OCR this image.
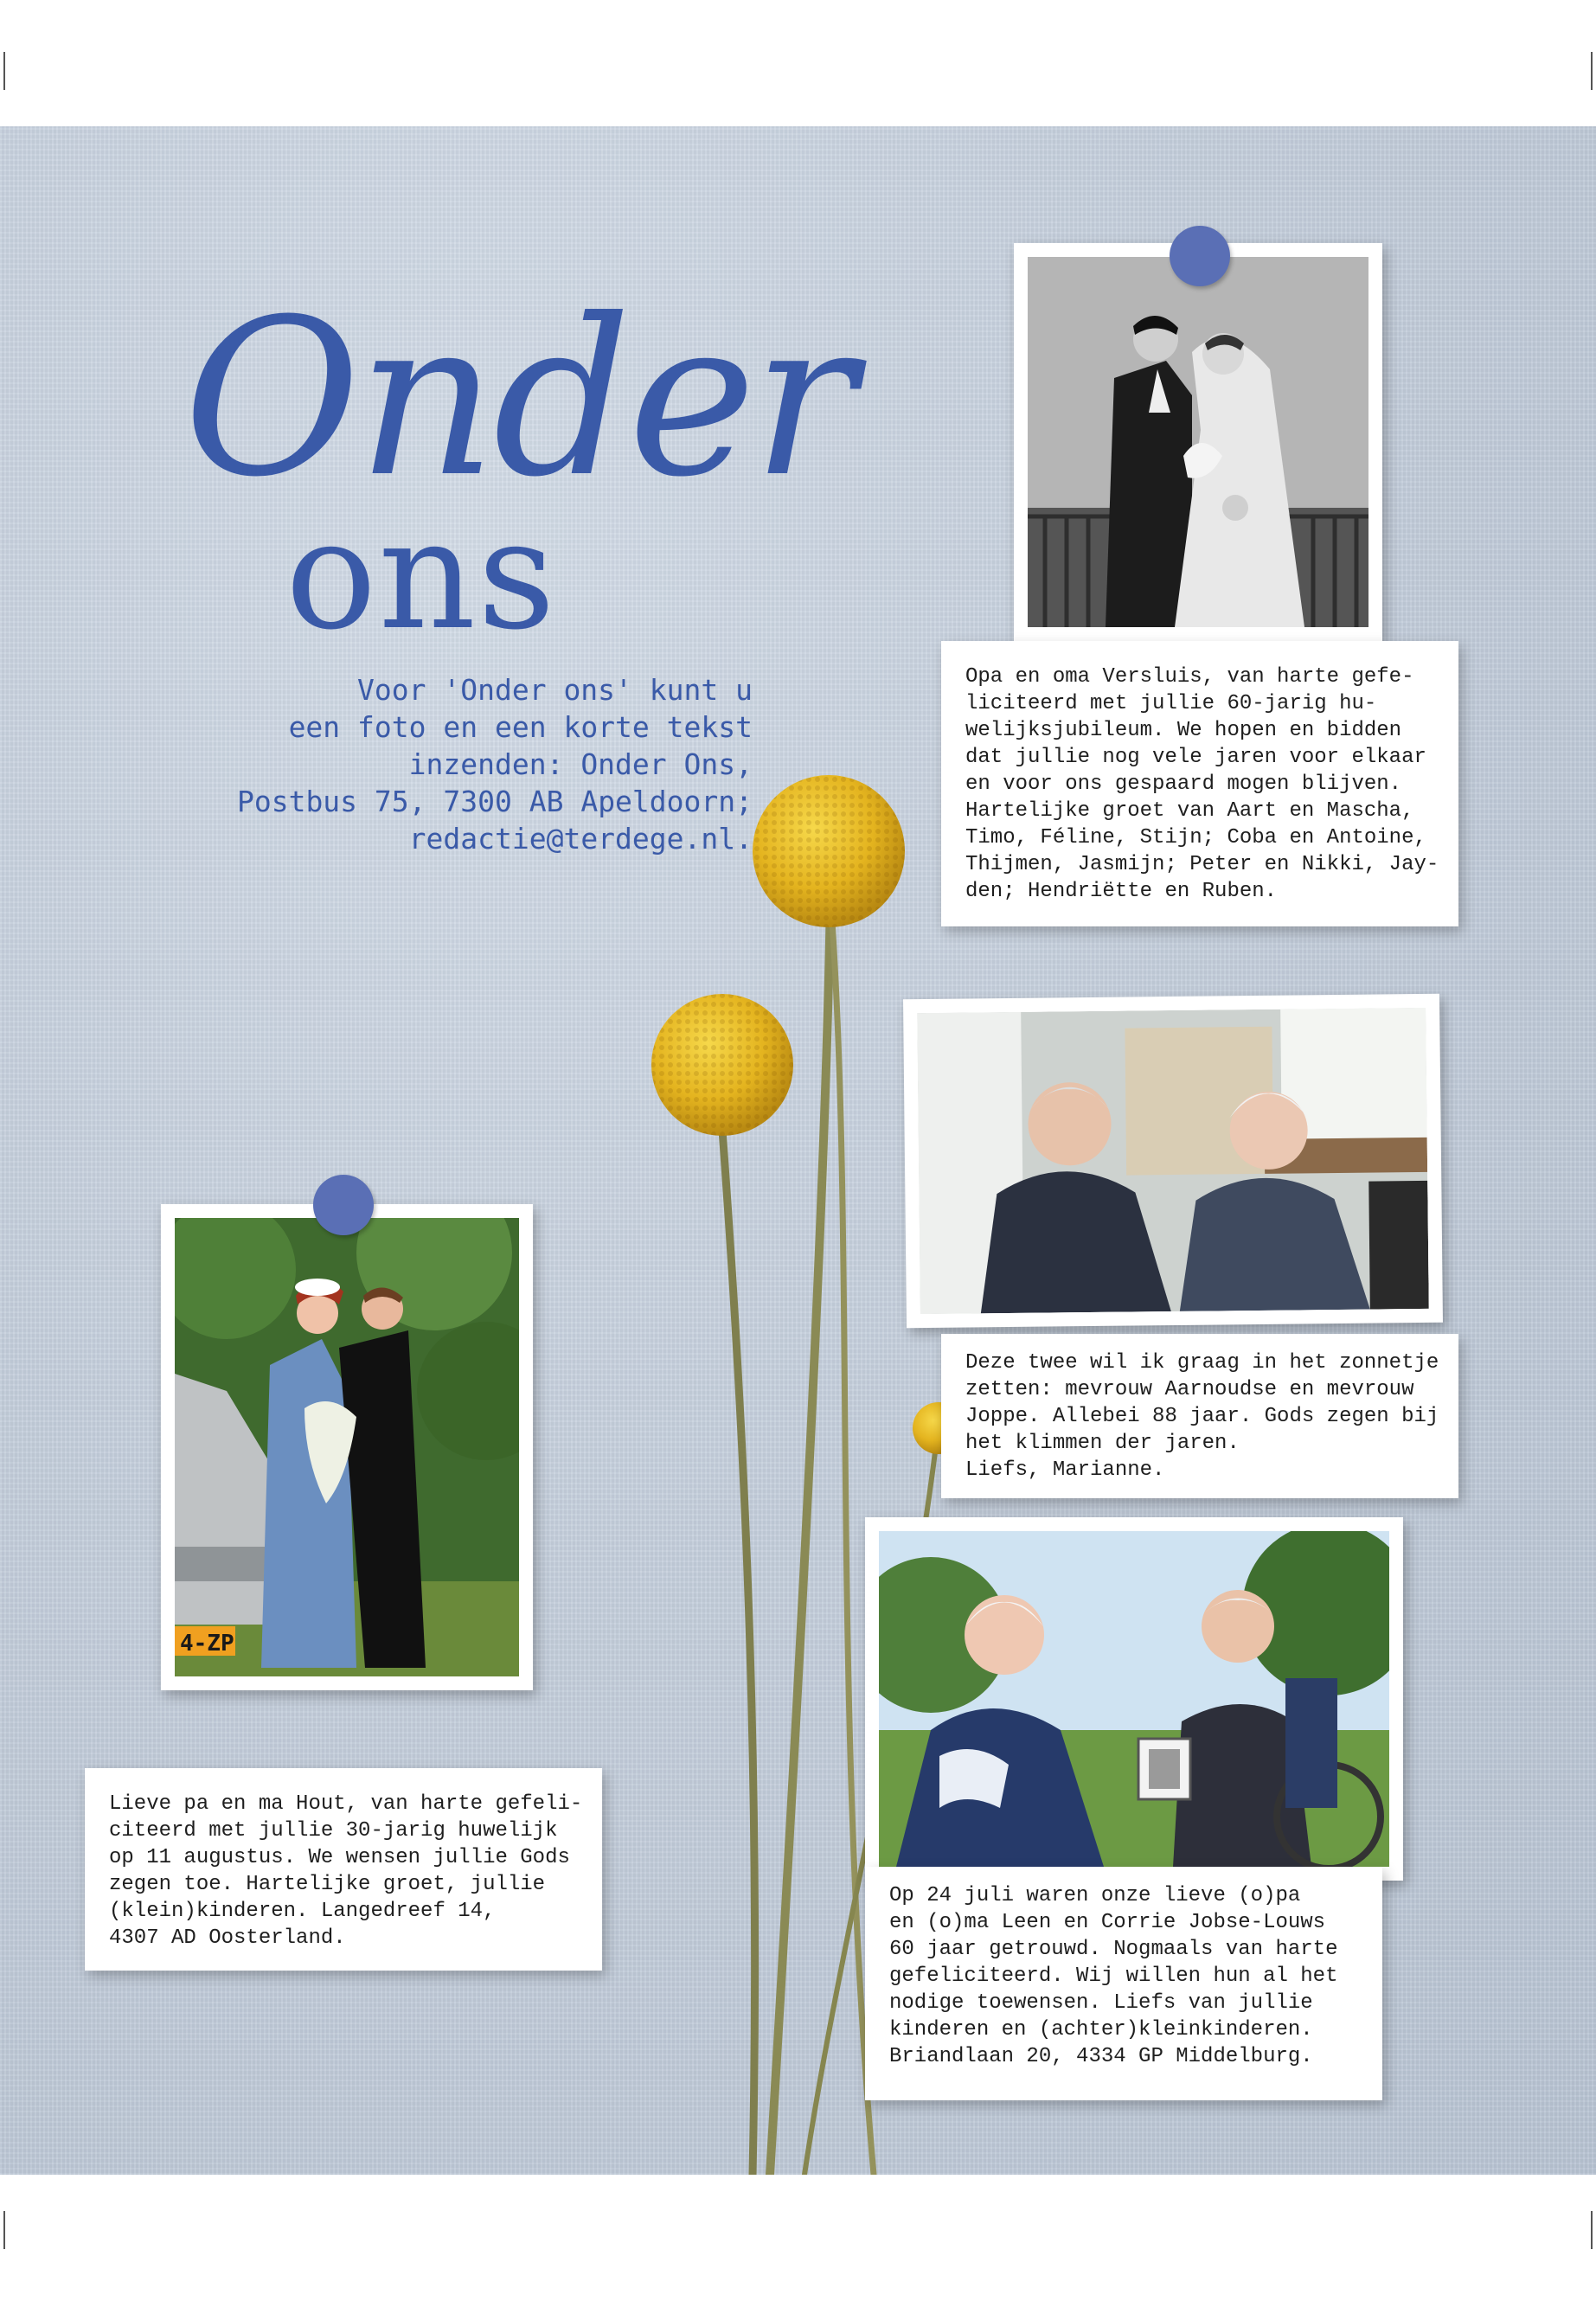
Onder
ons
Voor 'Onder ons' kunt u
een foto en een korte tekst
inzenden: Onder Ons,
Postbus 75, 7300 AB Apeldoorn;
redactie@terdege.nl.
Opa en oma Versluis, van harte gefe-
liciteerd met jullie 60-jarig hu-
welijksjubileum. We hopen en bidden
dat jullie nog vele jaren voor elkaar
en voor ons gespaard mogen blijven.
Hartelijke groet van Aart en Mascha,
Timo, Féline, Stijn; Coba en Antoine,
Thijmen, Jasmijn; Peter en Nikki, Jay-
den; Hendriëtte en Ruben.
Deze twee wil ik graag in het zonnetje
zetten: mevrouw Aarnoudse en mevrouw
Joppe. Allebei 88 jaar. Gods zegen bij
het klimmen der jaren.
Liefs, Marianne.
4-ZP
Lieve pa en ma Hout, van harte gefeli-
citeerd met jullie 30-jarig huwelijk
op 11 augustus. We wensen jullie Gods
zegen toe. Hartelijke groet, jullie
(klein)kinderen. Langedreef 14,
4307 AD Oosterland.
Op 24 juli waren onze lieve (o)pa
en (o)ma Leen en Corrie Jobse-Louws
60 jaar getrouwd. Nogmaals van harte
gefeliciteerd. Wij willen hun al het
nodige toewensen. Liefs van jullie
kinderen en (achter)kleinkinderen.
Briandlaan 20, 4334 GP Middelburg.
